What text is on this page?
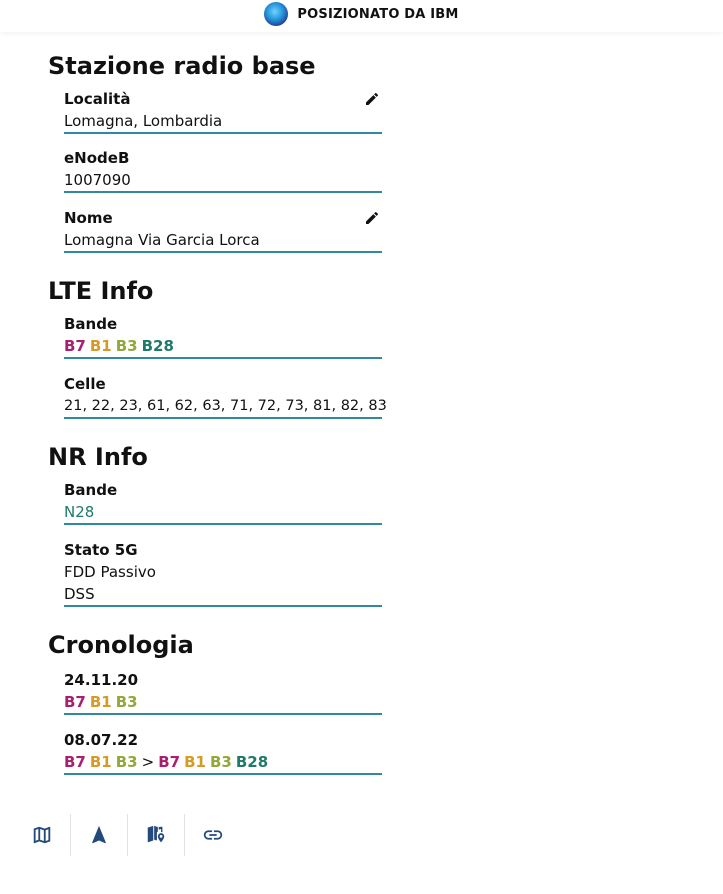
POSIZIONATO DA IBM
Stazione radio base
Località
Lomagna, Lombardia
eNodeB
1007090
Nome
Lomagna Via Garcia Lorca
LTE Info
Bande
B7 B1 B3 B28
Celle
21, 22, 23, 61, 62, 63, 71, 72, 73, 81, 82, 83
NR Info
Bande
N28
Stato 5G
FDD Passivo
DSS
Cronologia
24.11.20
B7 B1 B3
08.07.22
B7 B1 B3 > B7 B1 B3 B28
